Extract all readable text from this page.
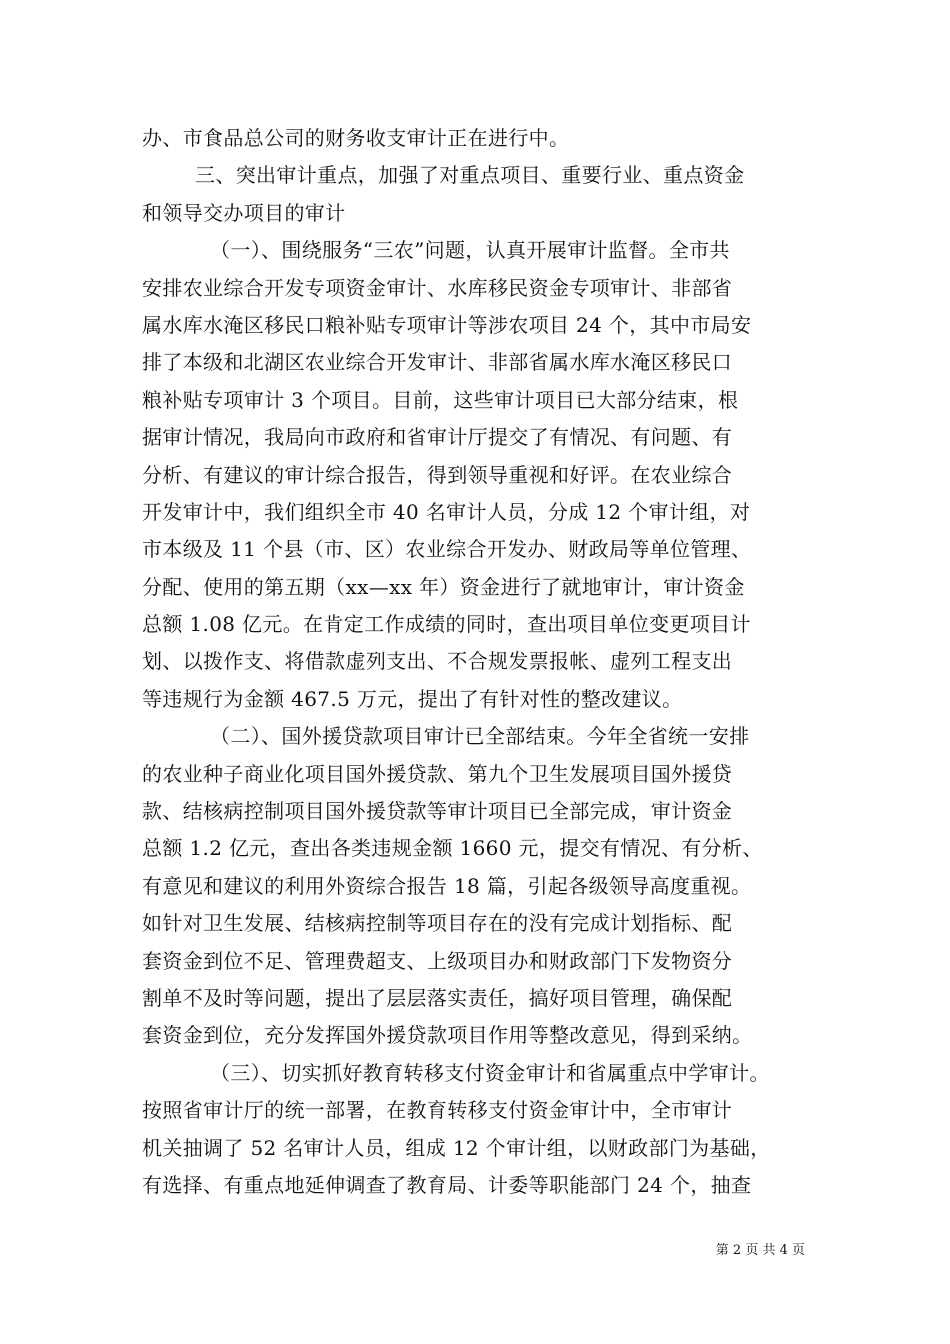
办、市食品总公司的财务收支审计正在进行中。
三、突出审计重点，加强了对重点项目、重要行业、重点资金
和领导交办项目的审计
（一）、围绕服务“三农”问题，认真开展审计监督。全市共
安排农业综合开发专项资金审计、水库移民资金专项审计、非部省
属水库水淹区移民口粮补贴专项审计等涉农项目 24 个，其中市局安
排了本级和北湖区农业综合开发审计、非部省属水库水淹区移民口
粮补贴专项审计 3 个项目。目前，这些审计项目已大部分结束，根
据审计情况，我局向市政府和省审计厅提交了有情况、有问题、有
分析、有建议的审计综合报告，得到领导重视和好评。在农业综合
开发审计中，我们组织全市 40 名审计人员，分成 12 个审计组，对
市本级及 11 个县（市、区）农业综合开发办、财政局等单位管理、
分配、使用的第五期（xx—xx 年）资金进行了就地审计，审计资金
总额 1.08 亿元。在肯定工作成绩的同时，查出项目单位变更项目计
划、以拨作支、将借款虚列支出、不合规发票报帐、虚列工程支出
等违规行为金额 467.5 万元，提出了有针对性的整改建议。
（二）、国外援贷款项目审计已全部结束。今年全省统一安排
的农业种子商业化项目国外援贷款、第九个卫生发展项目国外援贷
款、结核病控制项目国外援贷款等审计项目已全部完成，审计资金
总额 1.2 亿元，查出各类违规金额 1660 元，提交有情况、有分析、
有意见和建议的利用外资综合报告 18 篇，引起各级领导高度重视。
如针对卫生发展、结核病控制等项目存在的没有完成计划指标、配
套资金到位不足、管理费超支、上级项目办和财政部门下发物资分
割单不及时等问题，提出了层层落实责任，搞好项目管理，确保配
套资金到位，充分发挥国外援贷款项目作用等整改意见，得到采纳。
（三）、切实抓好教育转移支付资金审计和省属重点中学审计。
按照省审计厅的统一部署，在教育转移支付资金审计中，全市审计
机关抽调了 52 名审计人员，组成 12 个审计组，以财政部门为基础，
有选择、有重点地延伸调查了教育局、计委等职能部门 24 个，抽查
第 2 页 共 4 页
